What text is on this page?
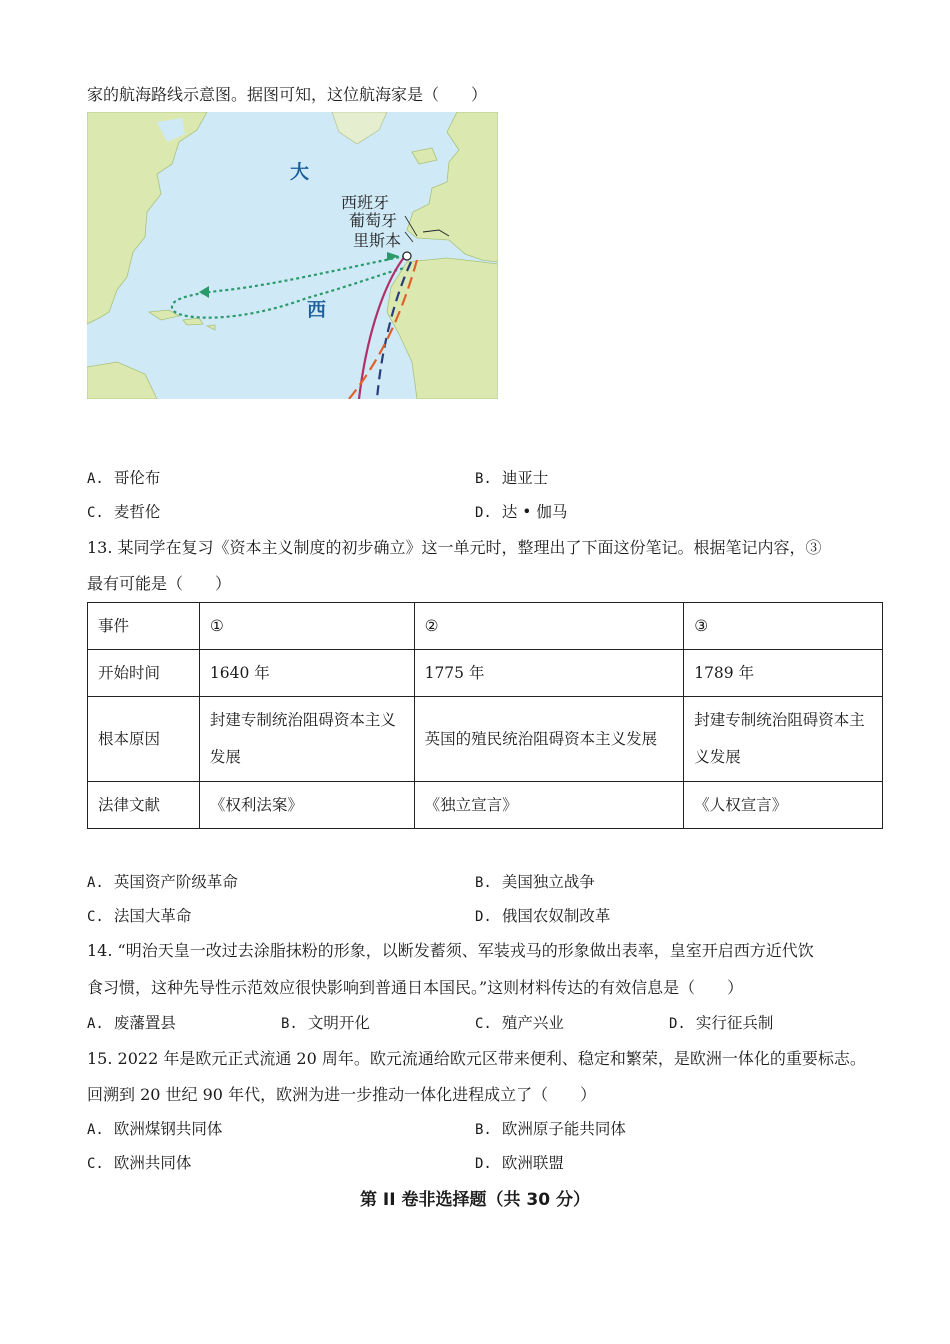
家的航海路线示意图。据图可知，这位航海家是（　　）
大
西
西班牙
葡萄牙
里斯本
A. 哥伦布	B. 迪亚士
C. 麦哲伦	D. 达 • 伽马
13. 某同学在复习《资本主义制度的初步确立》这一单元时，整理出了下面这份笔记。根据笔记内容，③
最有可能是（　　）
事件	①	②	③
开始时间	1640 年	1775 年	1789 年
根本原因	封建专制统治阻碍资本主义发展	英国的殖民统治阻碍资本主义发展	封建专制统治阻碍资本主义发展
法律文献	《权利法案》	《独立宣言》	《人权宣言》
A. 英国资产阶级革命	B. 美国独立战争
C. 法国大革命	D. 俄国农奴制改革
14. “明治天皇一改过去涂脂抹粉的形象，以断发蓄须、军装戎马的形象做出表率，皇室开启西方近代饮
食习惯，这种先导性示范效应很快影响到普通日本国民。”这则材料传达的有效信息是（　　）
A. 废藩置县	B. 文明开化	C. 殖产兴业	D. 实行征兵制
15. 2022 年是欧元正式流通 20 周年。欧元流通给欧元区带来便利、稳定和繁荣，是欧洲一体化的重要标志。
回溯到 20 世纪 90 年代，欧洲为进一步推动一体化进程成立了（　　）
A. 欧洲煤钢共同体	B. 欧洲原子能共同体
C. 欧洲共同体	D. 欧洲联盟
第 II 卷非选择题（共 30 分）
